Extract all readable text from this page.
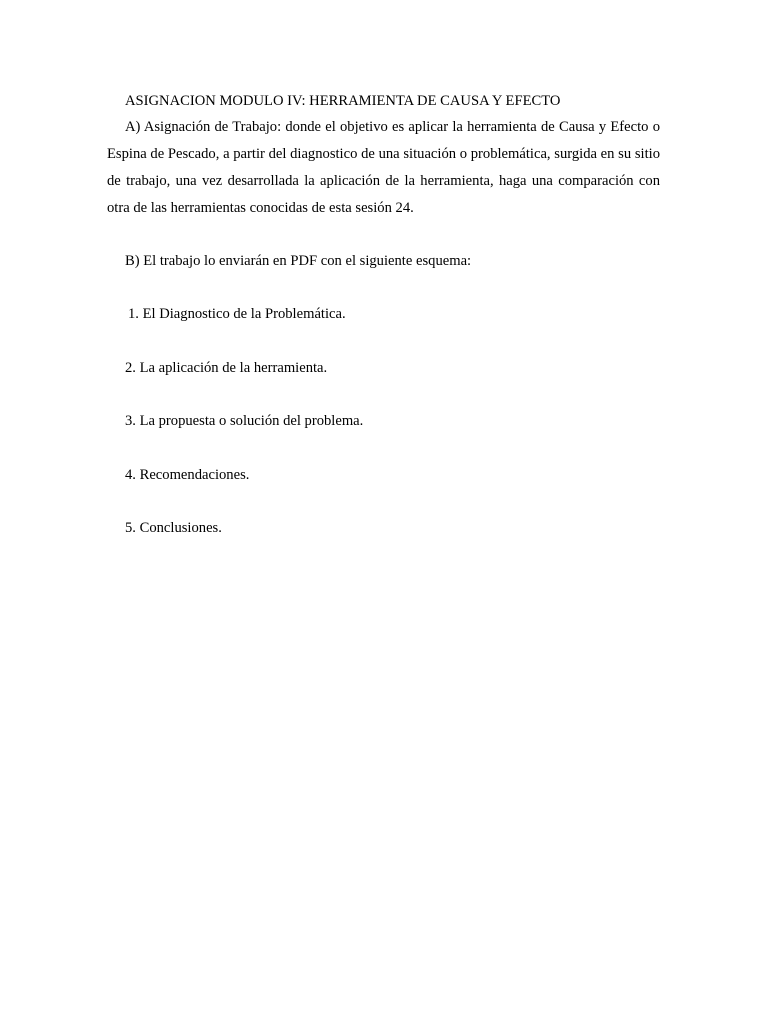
ASIGNACION MODULO IV: HERRAMIENTA DE CAUSA Y EFECTO

A) Asignación de Trabajo: donde el objetivo es aplicar la herramienta de Causa y Efecto o Espina de Pescado, a partir del diagnostico de una situación o problemática, surgida en su sitio de trabajo, una vez desarrollada la aplicación de la herramienta, haga una comparación con otra de las herramientas conocidas de esta sesión 24.

B) El trabajo lo enviarán en PDF con el siguiente esquema:

1. El Diagnostico de la Problemática.
2. La aplicación de la herramienta.
3. La propuesta o solución del problema.
4. Recomendaciones.
5. Conclusiones.
